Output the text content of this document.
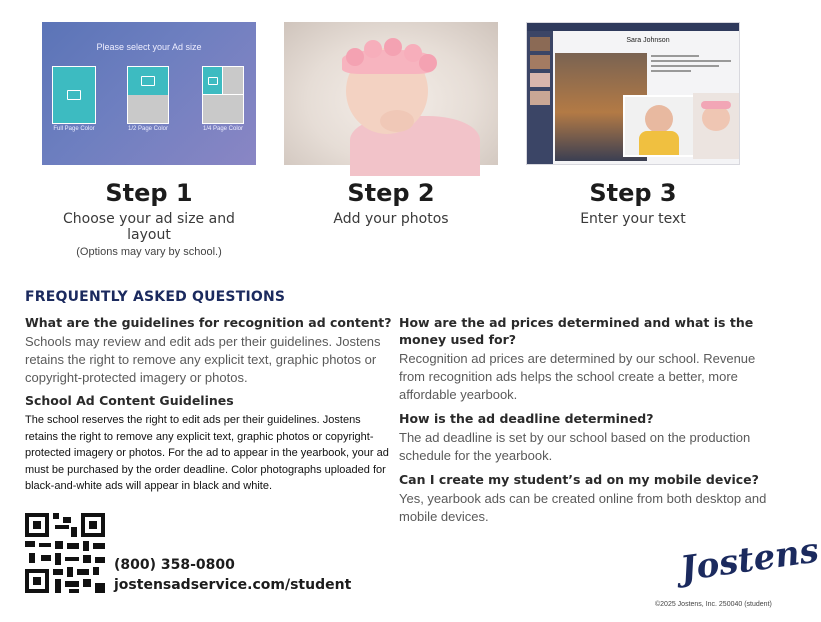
Please select your Ad size
Full Page Color	1/2 Page Color	1/4 Page Color
Step 1
Choose your ad size and layout
(Options may vary by school.)
Step 2
Add your photos
Sara Johnson
Step 3
Enter your text
FREQUENTLY ASKED QUESTIONS
What are the guidelines for recognition ad content?
Schools may review and edit ads per their guidelines. Jostens retains the right to remove any explicit text, graphic photos or copyright-protected imagery or photos.
School Ad Content Guidelines
The school reserves the right to edit ads per their guidelines. Jostens retains the right to remove any explicit text, graphic photos or copyright-protected imagery or photos. For the ad to appear in the yearbook, your ad must be purchased by the order deadline. Color photographs uploaded for black-and-white ads will appear in black and white.
How are the ad prices determined and what is the money used for?
Recognition ad prices are determined by our school. Revenue from recognition ads helps the school create a better, more affordable yearbook.
How is the ad deadline determined?
The ad deadline is set by our school based on the production schedule for the yearbook.
Can I create my student’s ad on my mobile device?
Yes, yearbook ads can be created online from both desktop and mobile devices.
(800) 358-0800
jostensadservice.com/student	Jostens
©2025 Jostens, Inc. 250040 (student)
